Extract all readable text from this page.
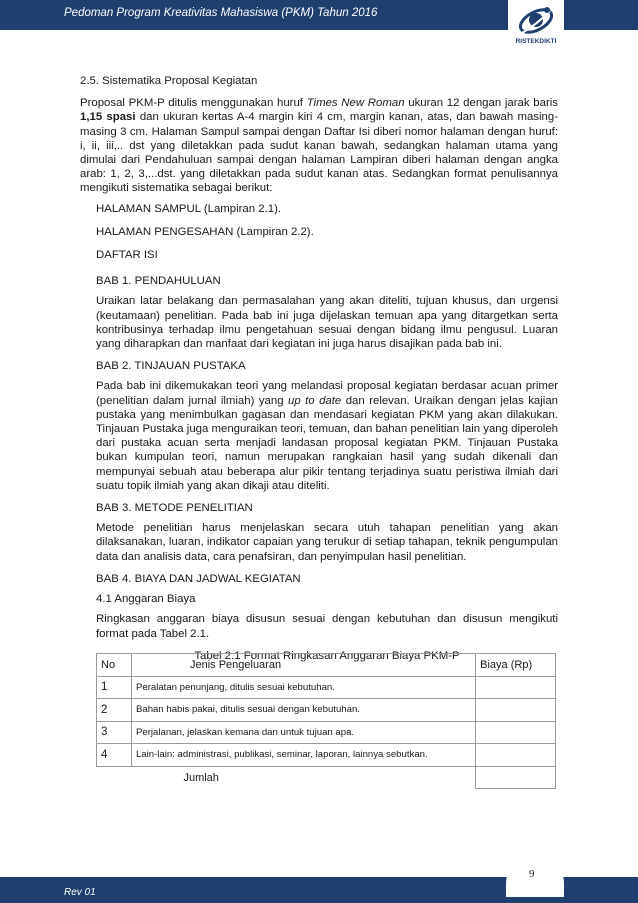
Pedoman Program Kreativitas Mahasiswa (PKM) Tahun 2016
RISTEKDIKTI
2.5. Sistematika Proposal Kegiatan

Proposal PKM-P ditulis menggunakan huruf Times New Roman ukuran 12 dengan jarak baris 1,15 spasi dan ukuran kertas A-4 margin kiri 4 cm, margin kanan, atas, dan bawah masing-masing 3 cm. Halaman Sampul sampai dengan Daftar Isi diberi nomor halaman dengan huruf: i, ii, iii,.. dst yang diletakkan pada sudut kanan bawah, sedangkan halaman utama yang dimulai dari Pendahuluan sampai dengan halaman Lampiran diberi halaman dengan angka arab: 1, 2, 3,...dst. yang diletakkan pada sudut kanan atas. Sedangkan format penulisannya mengikuti sistematika sebagai berikut:

HALAMAN SAMPUL (Lampiran 2.1).
HALAMAN PENGESAHAN (Lampiran 2.2).
DAFTAR ISI
BAB 1. PENDAHULUAN

Uraikan latar belakang dan permasalahan yang akan diteliti, tujuan khusus, dan urgensi (keutamaan) penelitian. Pada bab ini juga dijelaskan temuan apa yang ditargetkan serta kontribusinya terhadap ilmu pengetahuan sesuai dengan bidang ilmu pengusul. Luaran yang diharapkan dan manfaat dari kegiatan ini juga harus disajikan pada bab ini.

BAB 2. TINJAUAN PUSTAKA

Pada bab ini dikemukakan teori yang melandasi proposal kegiatan berdasar acuan primer (penelitian dalam jurnal ilmiah) yang up to date dan relevan. Uraikan dengan jelas kajian pustaka yang menimbulkan gagasan dan mendasari kegiatan PKM yang akan dilakukan. Tinjauan Pustaka juga menguraikan teori, temuan, dan bahan penelitian lain yang diperoleh dari pustaka acuan serta menjadi landasan proposal kegiatan PKM. Tinjauan Pustaka bukan kumpulan teori, namun merupakan rangkaian hasil yang sudah dikenali dan mempunyai sebuah atau beberapa alur pikir tentang terjadinya suatu peristiwa ilmiah dari suatu topik ilmiah yang akan dikaji atau diteliti.

BAB 3. METODE PENELITIAN

Metode penelitian harus menjelaskan secara utuh tahapan penelitian yang akan dilaksanakan, luaran, indikator capaian yang terukur di setiap tahapan, teknik pengumpulan data dan analisis data, cara penafsiran, dan penyimpulan hasil penelitian.

BAB 4. BIAYA DAN JADWAL KEGIATAN
4.1 Anggaran Biaya

Ringkasan anggaran biaya disusun sesuai dengan kebutuhan dan disusun mengikuti format pada Tabel 2.1.

Tabel 2.1 Format Ringkasan Anggaran Biaya PKM-P
No	Jenis Pengeluaran	Biaya (Rp)
1	Peralatan penunjang, ditulis sesuai kebutuhan.	
2	Bahan habis pakai, ditulis sesuai dengan kebutuhan.	
3	Perjalanan, jelaskan kemana dan untuk tujuan apa.	
4	Lain-lain: administrasi, publikasi, seminar, laporan, lainnya sebutkan.	
	Jumlah	
Rev 01
9
